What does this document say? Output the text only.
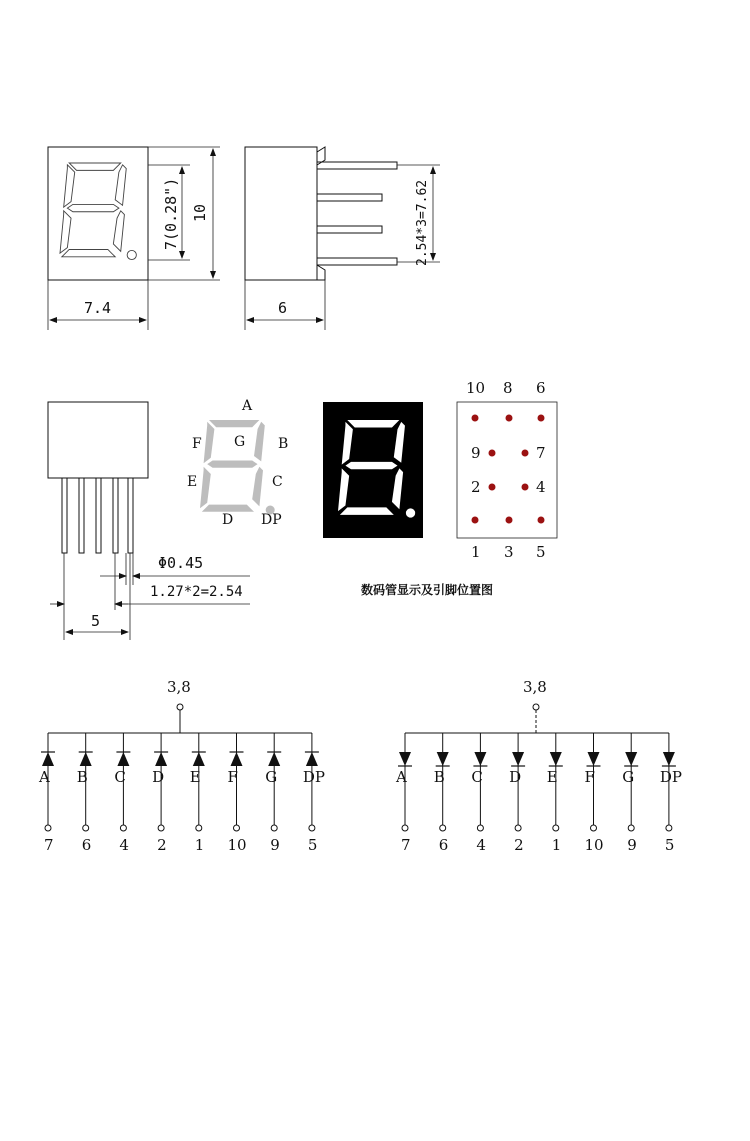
7.4
7(0.28") 10
6
2.54*3=7.62
Φ0.45
1.27*2=2.54
5
A
B
C
D
E
F G
DP
10 8 6
9	7
2	4
1 3 5
数码管显示及引脚位置图
3,8
A
7
B
6
C
4
D
2
E
1
F
10
G
9
DP
5
3,8
A
7
B
6
C
4
D
2
E
1
F
10
G
9
DP
5
